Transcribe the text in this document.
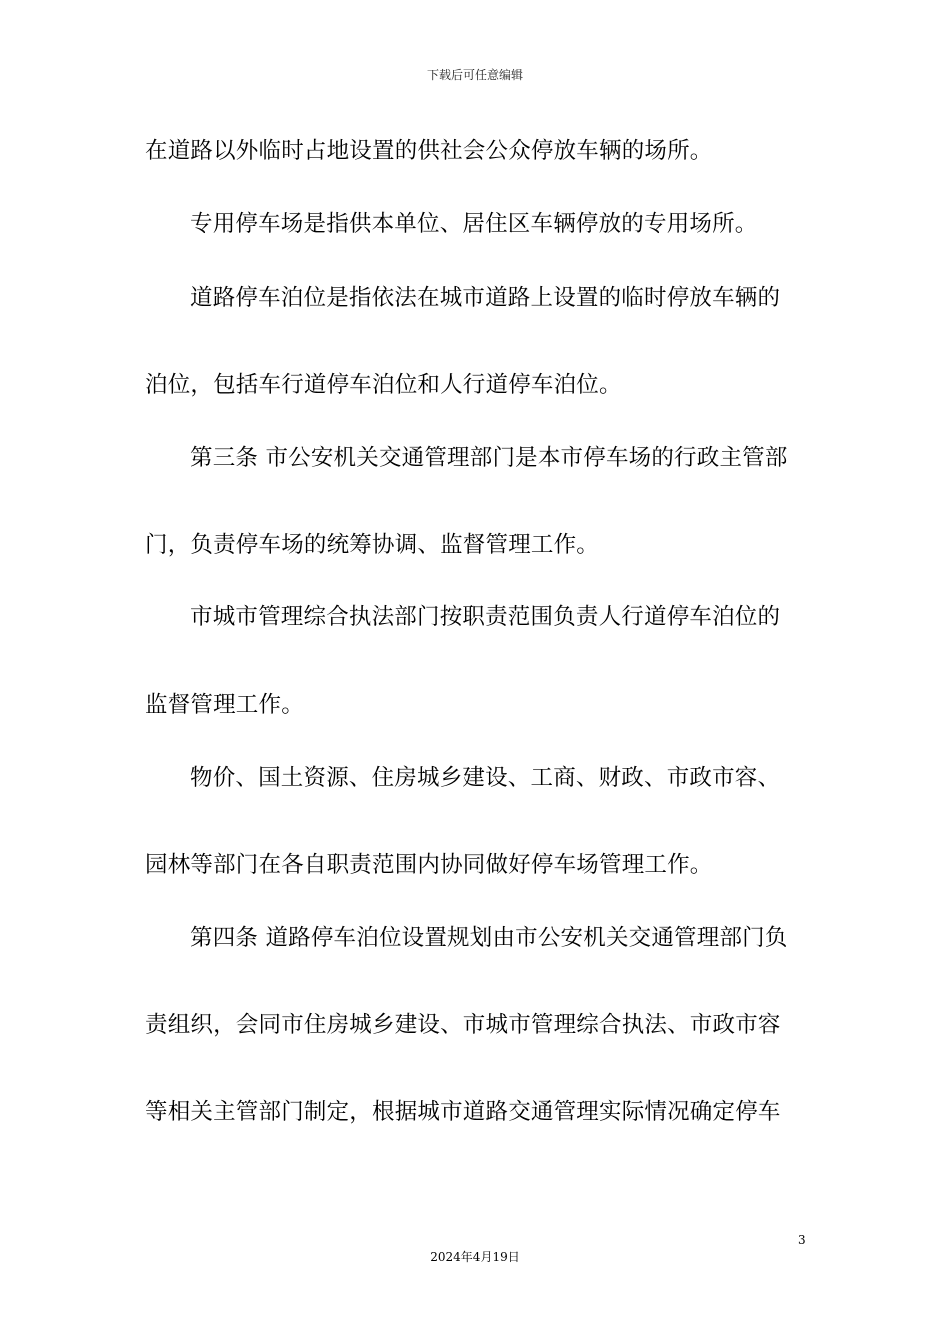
下载后可任意编辑
在道路以外临时占地设置的供社会公众停放车辆的场所。
专用停车场是指供本单位、居住区车辆停放的专用场所。
道路停车泊位是指依法在城市道路上设置的临时停放车辆的
泊位，包括车行道停车泊位和人行道停车泊位。
第三条 市公安机关交通管理部门是本市停车场的行政主管部
门，负责停车场的统筹协调、监督管理工作。
市城市管理综合执法部门按职责范围负责人行道停车泊位的
监督管理工作。
物价、国土资源、住房城乡建设、工商、财政、市政市容、
园林等部门在各自职责范围内协同做好停车场管理工作。
第四条 道路停车泊位设置规划由市公安机关交通管理部门负
责组织，会同市住房城乡建设、市城市管理综合执法、市政市容
等相关主管部门制定，根据城市道路交通管理实际情况确定停车
3
2024年4月19日
